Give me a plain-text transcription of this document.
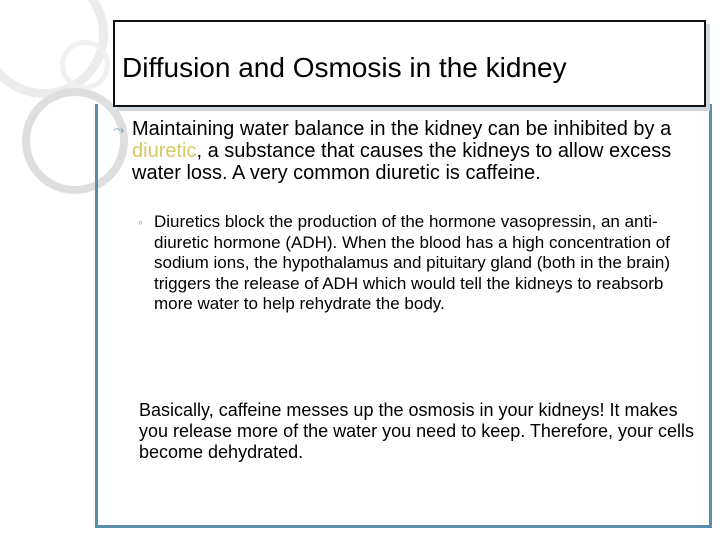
Diffusion and Osmosis in the kidney
⤳ Maintaining water balance in the kidney can be inhibited by a diuretic, a substance that causes the kidneys to allow excess water loss. A very common diuretic is caffeine.
◦ Diuretics block the production of the hormone vasopressin, an anti-diuretic hormone (ADH). When the blood has a high concentration of sodium ions, the hypothalamus and pituitary gland (both in the brain) triggers the release of ADH which would tell the kidneys to reabsorb more water to help rehydrate the body.
Basically, caffeine messes up the osmosis in your kidneys! It makes you release more of the water you need to keep. Therefore, your cells become dehydrated.
